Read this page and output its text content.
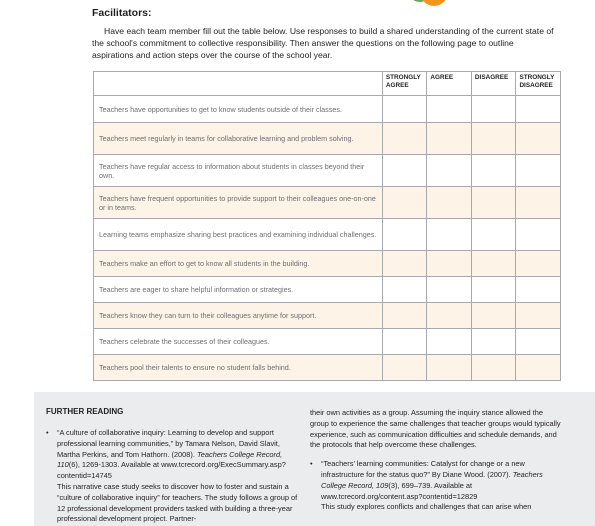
Facilitators:
Have each team member fill out the table below. Use responses to build a shared understanding of the current state of the school's commitment to collective responsibility. Then answer the questions on the following page to outline aspirations and action steps over the course of the school year.
	STRONGLY AGREE	AGREE	DISAGREE	STRONGLY DISAGREE
Teachers have opportunities to get to know students outside of their classes.				
Teachers meet regularly in teams for collaborative learning and problem solving.				
Teachers have regular access to information about students in classes beyond their own.				
Teachers have frequent opportunities to provide support to their colleagues one-on-one or in teams.				
Learning teams emphasize sharing best practices and examining individual challenges.				
Teachers make an effort to get to know all students in the building.				
Teachers are eager to share helpful information or strategies.				
Teachers know they can turn to their colleagues anytime for support.				
Teachers celebrate the successes of their colleagues.				
Teachers pool their talents to ensure no student falls behind.				
FURTHER READING
• “A culture of collaborative inquiry: Learning to develop and support professional learning communities,” by Tamara Nelson, David Slavit, Martha Perkins, and Tom Hathorn. (2008). Teachers College Record, 110(6), 1269-1303. Available at www.tcrecord.org/ExecSummary.asp?contentid=14745
This narrative case study seeks to discover how to foster and sustain a “culture of collaborative inquiry” for teachers. The study follows a group of 12 professional development providers tasked with building a three-year professional development project. Partner-
their own activities as a group. Assuming the inquiry stance allowed the group to experience the same challenges that teacher groups would typically experience, such as communication difficulties and schedule demands, and the protocols that help overcome these challenges.
• “Teachers’ learning communities: Catalyst for change or a new infrastructure for the status quo?” By Diane Wood. (2007). Teachers College Record, 109(3), 699–739. Available at www.tcrecord.org/content.asp?contentid=12829
This study explores conflicts and challenges that can arise when
